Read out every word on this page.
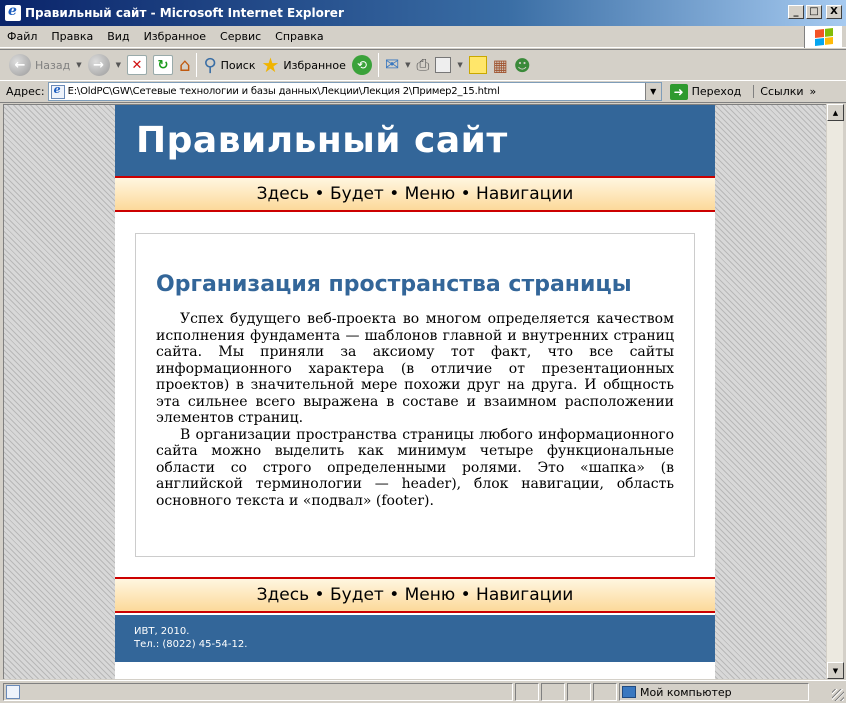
e
Правильный сайт - Microsoft Internet Explorer	_	□	X
Файл	Правка	Вид	Избранное	Сервис	Справка
← Назад ▼ →	▼ ✕	↻ ⌂ ⚲ Поиск ★ Избранное ⟲ ✉ ▼ ⎙	▼ ▦ ☻
Адрес:
e	E:\OldPC\GW\Сетевые технологии и базы данных\Лекции\Лекция 2\Пример2_15.html	▼	➜ Переход Ссылки »
Правильный сайт
Здесь • Будет • Меню • Навигации
Организация пространства страницы

Успех будущего веб-проекта во многом определяется качеством исполнения фундамента — шаблонов главной и внутренних страниц сайта. Мы приняли за аксиому тот факт, что все сайты информационного характера (в отличие от презентационных проектов) в значительной мере похожи друг на друга. И общность эта сильнее всего выражена в составе и взаимном расположении элементов страниц.

В организации пространства страницы любого информационного сайта можно выделить как минимум четыре функциональные области со строго определенными ролями. Это «шапка» (в английской терминологии — header), блок навигации, область основного текста и «подвал» (footer).

Здесь • Будет • Меню • Навигации
ИВТ, 2010.
Тел.: (8022) 45-54-12.
▲
▼
Мой компьютер
